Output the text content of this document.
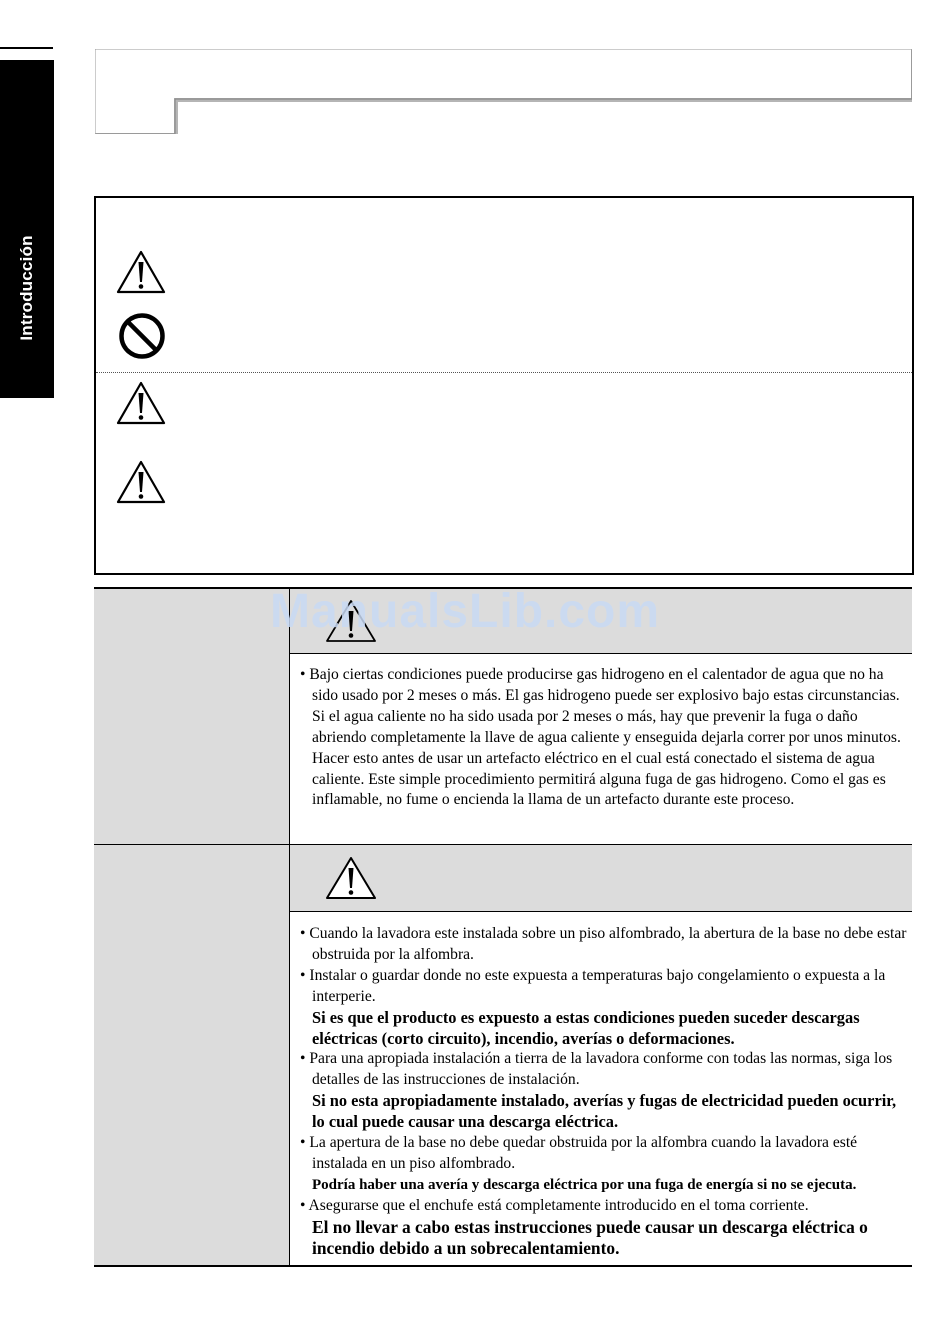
Introducción

• Bajo ciertas condiciones puede producirse gas hidrogeno en el calentador de agua que no ha sido usado por 2 meses o más. El gas hidrogeno puede ser explosivo bajo estas circunstancias. Si el agua caliente no ha sido usada por 2 meses o más, hay que prevenir la fuga o daño abriendo completamente la llave de agua caliente y enseguida dejarla correr por unos minutos. Hacer esto antes de usar un artefacto eléctrico en el cual está conectado el sistema de agua caliente. Este simple procedimiento permitirá alguna fuga de gas hidrogeno. Como el gas es inflamable, no fume o encienda la llama de un artefacto durante este proceso.

• Cuando la lavadora este instalada sobre un piso alfombrado, la abertura de la base no debe estar obstruida por la alfombra.

• Instalar o guardar donde no este expuesta a temperaturas bajo congelamiento o expuesta a la interperie.

Si es que el producto es expuesto a estas condiciones pueden suceder descargas eléctricas (corto circuito), incendio, averías o deformaciones.

• Para una apropiada instalación a tierra de la lavadora conforme con todas las normas, siga los detalles de las instrucciones de instalación.

Si no esta apropiadamente instalado, averías y fugas de electricidad pueden ocurrir, lo cual puede causar una descarga eléctrica.

• La apertura de la base no debe quedar obstruida por la alfombra cuando la lavadora esté instalada en un piso alfombrado.

Podría haber una avería y descarga eléctrica por una fuga de energía si no se ejecuta.

• Asegurarse que el enchufe está completamente introducido en el toma corriente.

El no llevar a cabo estas instrucciones puede causar un descarga eléctrica o incendio debido a un sobrecalentamiento.

ManualsLib.com
